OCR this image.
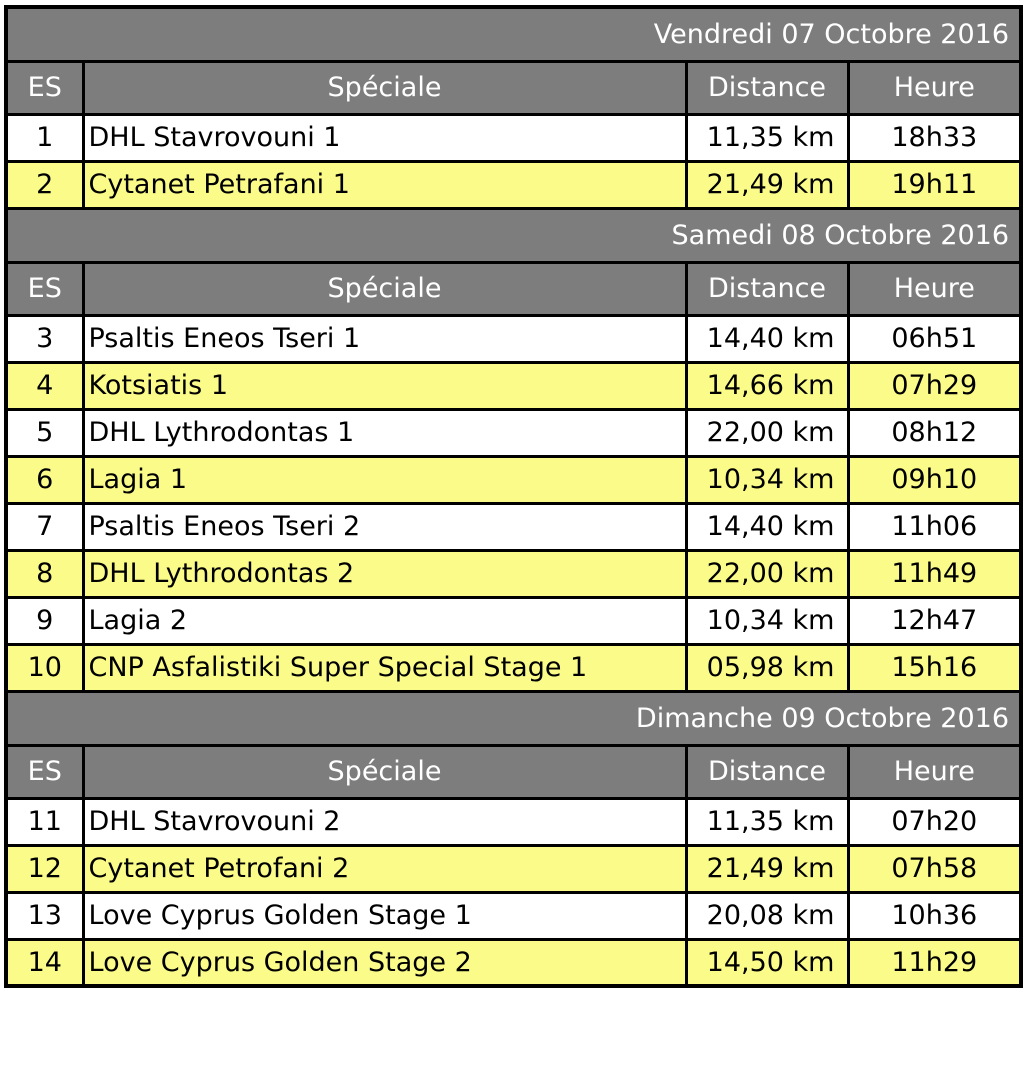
Vendredi 07 Octobre 2016			
ES	Spéciale	Distance	Heure
1	DHL Stavrovouni 1	11,35 km	18h33
2	Cytanet Petrafani 1	21,49 km	19h11
Samedi 08 Octobre 2016			
ES	Spéciale	Distance	Heure
3	Psaltis Eneos Tseri 1	14,40 km	06h51
4	Kotsiatis 1	14,66 km	07h29
5	DHL Lythrodontas 1	22,00 km	08h12
6	Lagia 1	10,34 km	09h10
7	Psaltis Eneos Tseri 2	14,40 km	11h06
8	DHL Lythrodontas 2	22,00 km	11h49
9	Lagia 2	10,34 km	12h47
10	CNP Asfalistiki Super Special Stage 1	05,98 km	15h16
Dimanche 09 Octobre 2016			
ES	Spéciale	Distance	Heure
11	DHL Stavrovouni 2	11,35 km	07h20
12	Cytanet Petrofani 2	21,49 km	07h58
13	Love Cyprus Golden Stage 1	20,08 km	10h36
14	Love Cyprus Golden Stage 2	14,50 km	11h29
